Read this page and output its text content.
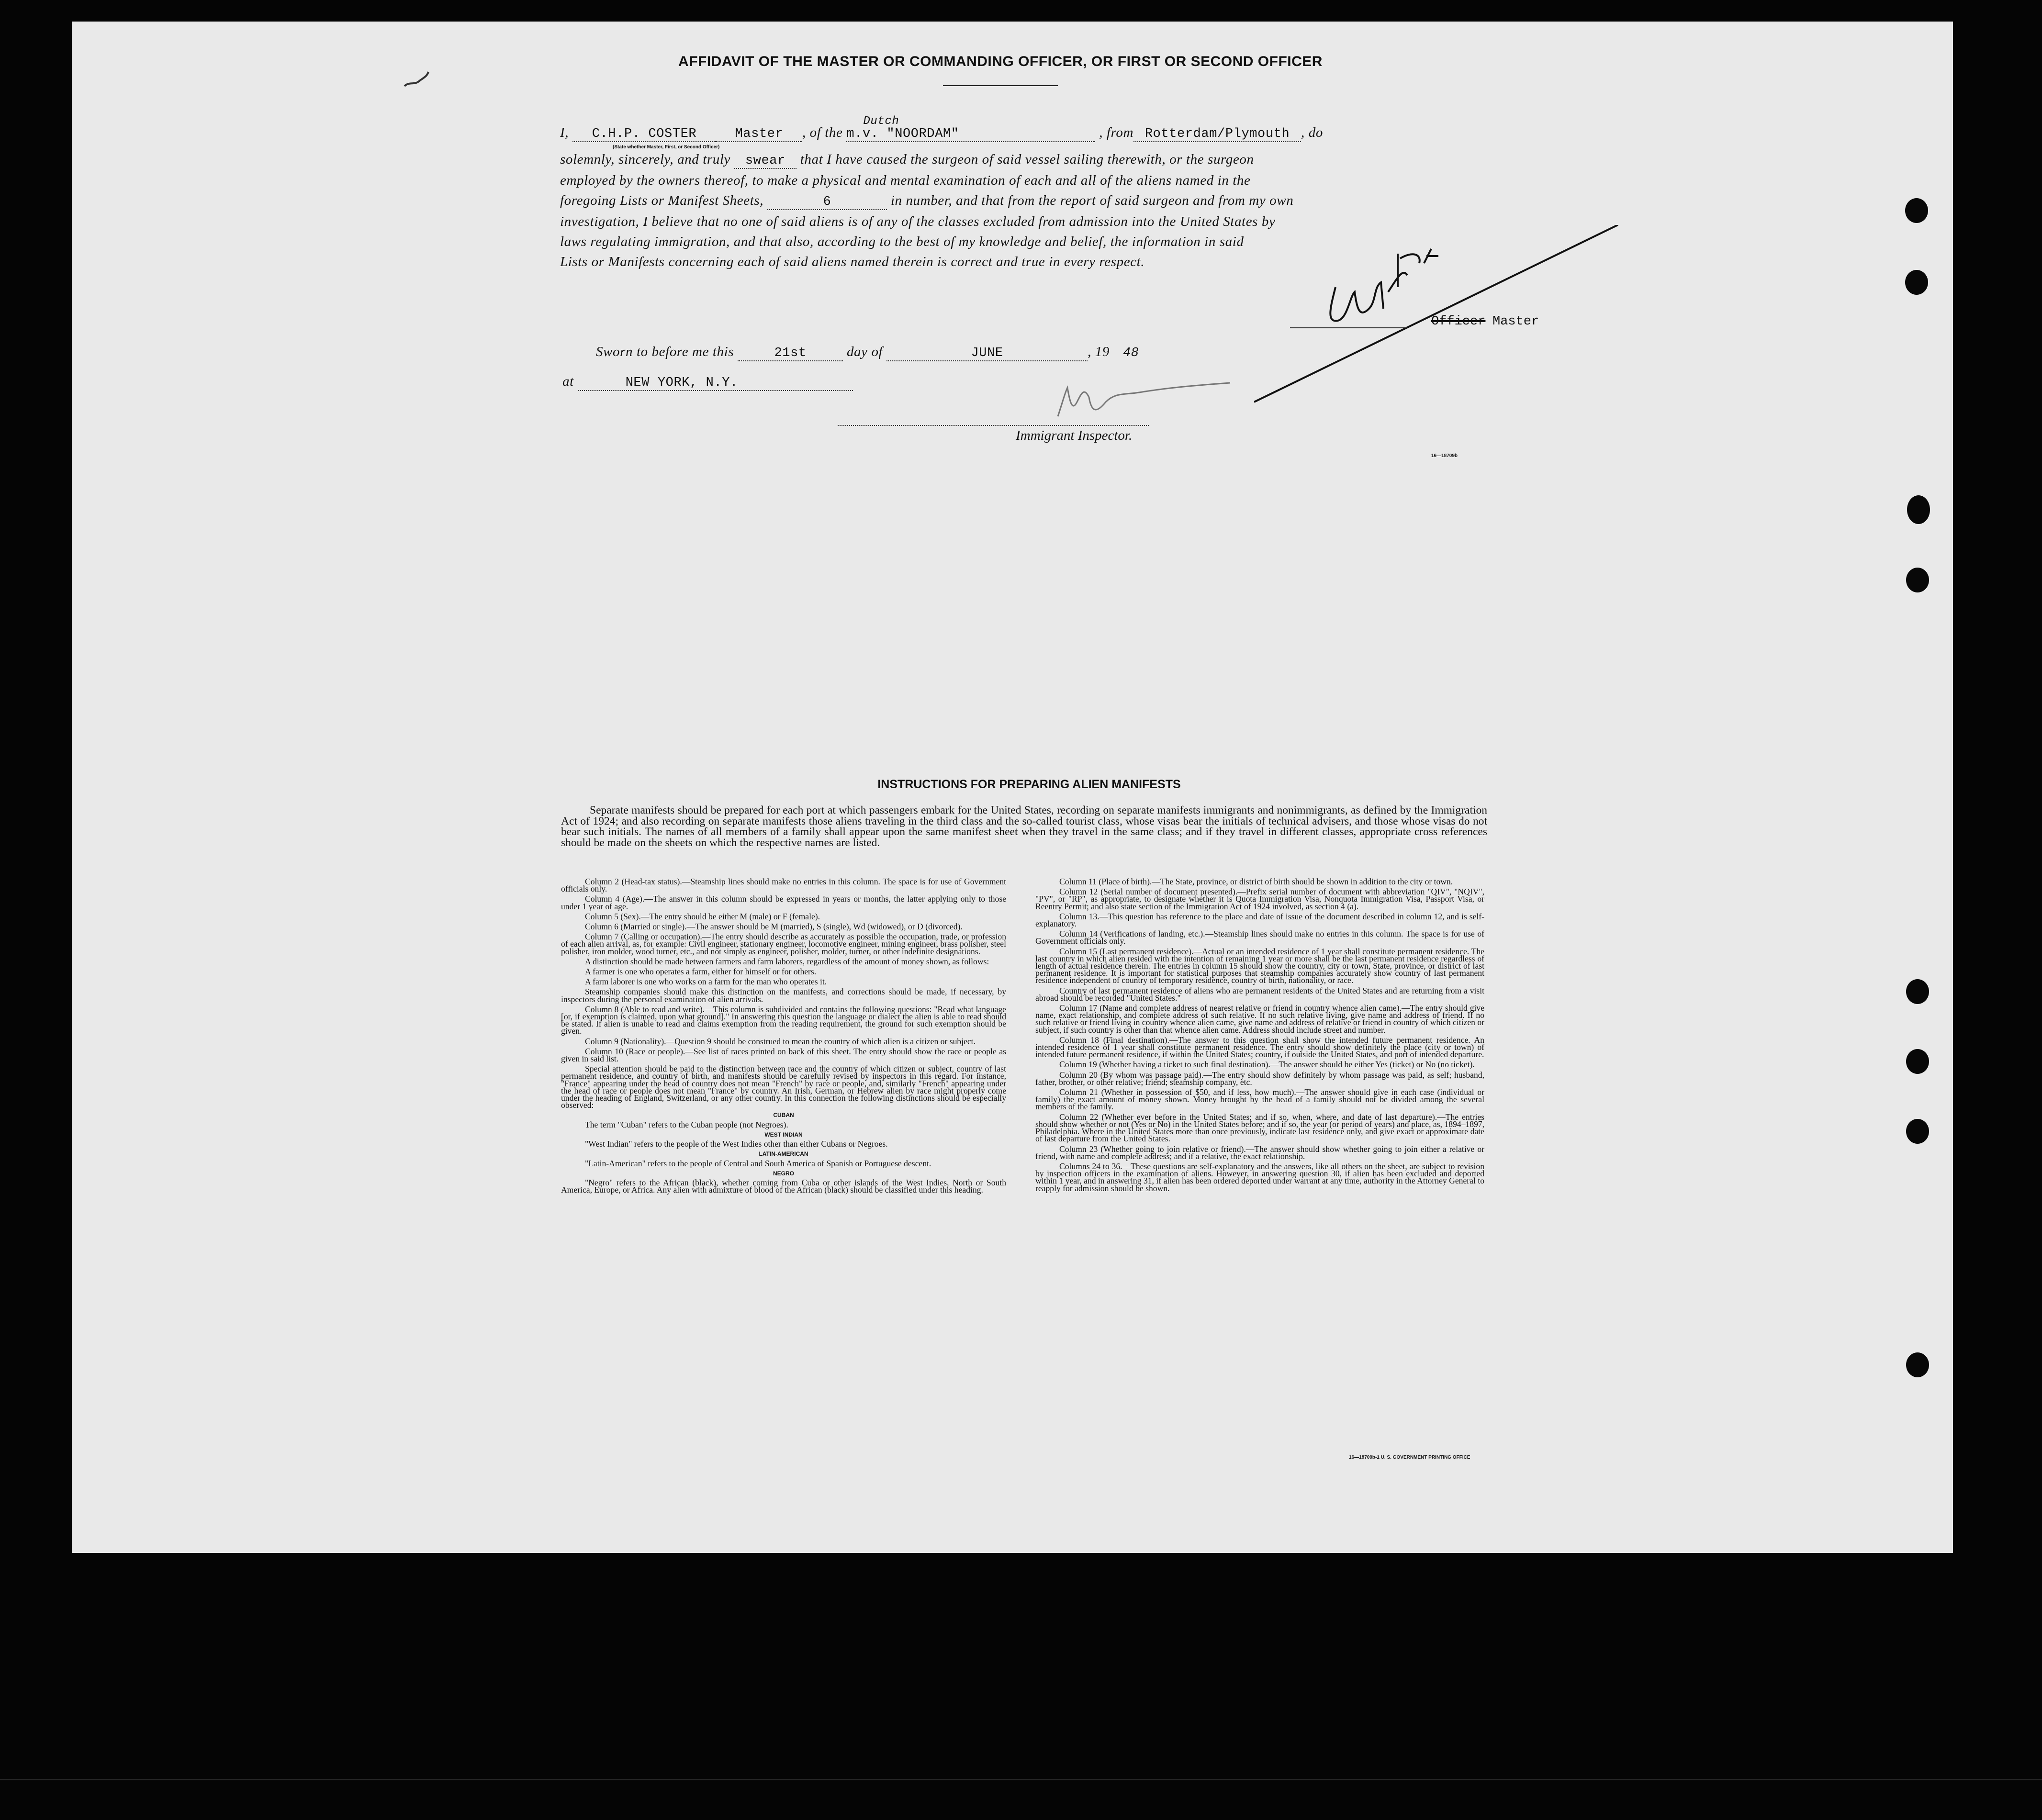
AFFIDAVIT OF THE MASTER OR COMMANDING OFFICER, OR FIRST OR SECOND OFFICER
I, C.H.P. COSTER	Master , of the
Dutch
m.v. "NOORDAM"	, from Rotterdam/Plymouth , do
(State whether Master, First, or Second Officer)
solemnly, sincerely, and truly swear that I have caused the surgeon of said vessel sailing therewith, or the surgeon
employed by the owners thereof, to make a physical and mental examination of each and all of the aliens named in the
foregoing Lists or Manifest Sheets,	6	in number, and that from the report of said surgeon and from my own
investigation, I believe that no one of said aliens is of any of the classes excluded from admission into the United States by
laws regulating immigration, and that also, according to the best of my knowledge and belief, the information in said
Lists or Manifests concerning each of said aliens named therein is correct and true in every respect.
Officer Master
Sworn to before me this	21st	day of	JUNE	, 19 48
at	NEW YORK, N.Y.
Immigrant Inspector.
16—18709b
INSTRUCTIONS FOR PREPARING ALIEN MANIFESTS
Separate manifests should be prepared for each port at which passengers embark for the United States, recording on separate manifests immigrants and nonimmigrants, as defined by the Immigration Act of 1924; and also recording on separate manifests those aliens traveling in the third class and the so-called tourist class, whose visas bear the initials of technical advisers, and those whose visas do not bear such initials. The names of all members of a family shall appear upon the same manifest sheet when they travel in the same class; and if they travel in different classes, appropriate cross references should be made on the sheets on which the respective names are listed.

Column 2 (Head-tax status).—Steamship lines should make no entries in this column. The space is for use of Government officials only.

Column 4 (Age).—The answer in this column should be expressed in years or months, the latter applying only to those under 1 year of age.

Column 5 (Sex).—The entry should be either M (male) or F (female).

Column 6 (Married or single).—The answer should be M (married), S (single), Wd (widowed), or D (divorced).

Column 7 (Calling or occupation).—The entry should describe as accurately as possible the occupation, trade, or profession of each alien arrival, as, for example: Civil engineer, stationary engineer, locomotive engineer, mining engineer, brass polisher, steel polisher, iron molder, wood turner, etc., and not simply as engineer, polisher, molder, turner, or other indefinite designations.

A distinction should be made between farmers and farm laborers, regardless of the amount of money shown, as follows:

A farmer is one who operates a farm, either for himself or for others.

A farm laborer is one who works on a farm for the man who operates it.

Steamship companies should make this distinction on the manifests, and corrections should be made, if necessary, by inspectors during the personal examination of alien arrivals.

Column 8 (Able to read and write).—This column is subdivided and contains the following questions: "Read what language [or, if exemption is claimed, upon what ground]." In answering this question the language or dialect the alien is able to read should be stated. If alien is unable to read and claims exemption from the reading requirement, the ground for such exemption should be given.

Column 9 (Nationality).—Question 9 should be construed to mean the country of which alien is a citizen or subject.

Column 10 (Race or people).—See list of races printed on back of this sheet. The entry should show the race or people as given in said list.

Special attention should be paid to the distinction between race and the country of which citizen or subject, country of last permanent residence, and country of birth, and manifests should be carefully revised by inspectors in this regard. For instance, "France" appearing under the head of country does not mean "French" by race or people, and, similarly "French" appearing under the head of race or people does not mean "France" by country. An Irish, German, or Hebrew alien by race might properly come under the heading of England, Switzerland, or any other country. In this connection the following distinctions should be especially observed:

CUBAN

The term "Cuban" refers to the Cuban people (not Negroes).

WEST INDIAN

"West Indian" refers to the people of the West Indies other than either Cubans or Negroes.

LATIN-AMERICAN

"Latin-American" refers to the people of Central and South America of Spanish or Portuguese descent.

NEGRO

"Negro" refers to the African (black), whether coming from Cuba or other islands of the West Indies, North or South America, Europe, or Africa. Any alien with admixture of blood of the African (black) should be classified under this heading.

Column 11 (Place of birth).—The State, province, or district of birth should be shown in addition to the city or town.

Column 12 (Serial number of document presented).—Prefix serial number of document with abbreviation "QIV", "NQIV", "PV", or "RP", as appropriate, to designate whether it is Quota Immigration Visa, Nonquota Immigration Visa, Passport Visa, or Reentry Permit; and also state section of the Immigration Act of 1924 involved, as section 4 (a).

Column 13.—This question has reference to the place and date of issue of the document described in column 12, and is self-explanatory.

Column 14 (Verifications of landing, etc.).—Steamship lines should make no entries in this column. The space is for use of Government officials only.

Column 15 (Last permanent residence).—Actual or an intended residence of 1 year shall constitute permanent residence. The last country in which alien resided with the intention of remaining 1 year or more shall be the last permanent residence regardless of length of actual residence therein. The entries in column 15 should show the country, city or town, State, province, or district of last permanent residence. It is important for statistical purposes that steamship companies accurately show country of last permanent residence independent of country of temporary residence, country of birth, nationality, or race.

Country of last permanent residence of aliens who are permanent residents of the United States and are returning from a visit abroad should be recorded "United States."

Column 17 (Name and complete address of nearest relative or friend in country whence alien came).—The entry should give name, exact relationship, and complete address of such relative. If no such relative living, give name and address of friend. If no such relative or friend living in country whence alien came, give name and address of relative or friend in country of which citizen or subject, if such country is other than that whence alien came. Address should include street and number.

Column 18 (Final destination).—The answer to this question shall show the intended future permanent residence. An intended residence of 1 year shall constitute permanent residence. The entry should show definitely the place (city or town) of intended future permanent residence, if within the United States; country, if outside the United States, and port of intended departure.

Column 19 (Whether having a ticket to such final destination).—The answer should be either Yes (ticket) or No (no ticket).

Column 20 (By whom was passage paid).—The entry should show definitely by whom passage was paid, as self; husband, father, brother, or other relative; friend; steamship company, etc.

Column 21 (Whether in possession of $50, and if less, how much).—The answer should give in each case (individual or family) the exact amount of money shown. Money brought by the head of a family should not be divided among the several members of the family.

Column 22 (Whether ever before in the United States; and if so, when, where, and date of last departure).—The entries should show whether or not (Yes or No) in the United States before; and if so, the year (or period of years) and place, as, 1894–1897, Philadelphia. Where in the United States more than once previously, indicate last residence only, and give exact or approximate date of last departure from the United States.

Column 23 (Whether going to join relative or friend).—The answer should show whether going to join either a relative or friend, with name and complete address; and if a relative, the exact relationship.

Columns 24 to 36.—These questions are self-explanatory and the answers, like all others on the sheet, are subject to revision by inspection officers in the examination of aliens. However, in answering question 30, if alien has been excluded and deported within 1 year, and in answering 31, if alien has been ordered deported under warrant at any time, authority in the Attorney General to reapply for admission should be shown.

16—18709b-1 U. S. GOVERNMENT PRINTING OFFICE
